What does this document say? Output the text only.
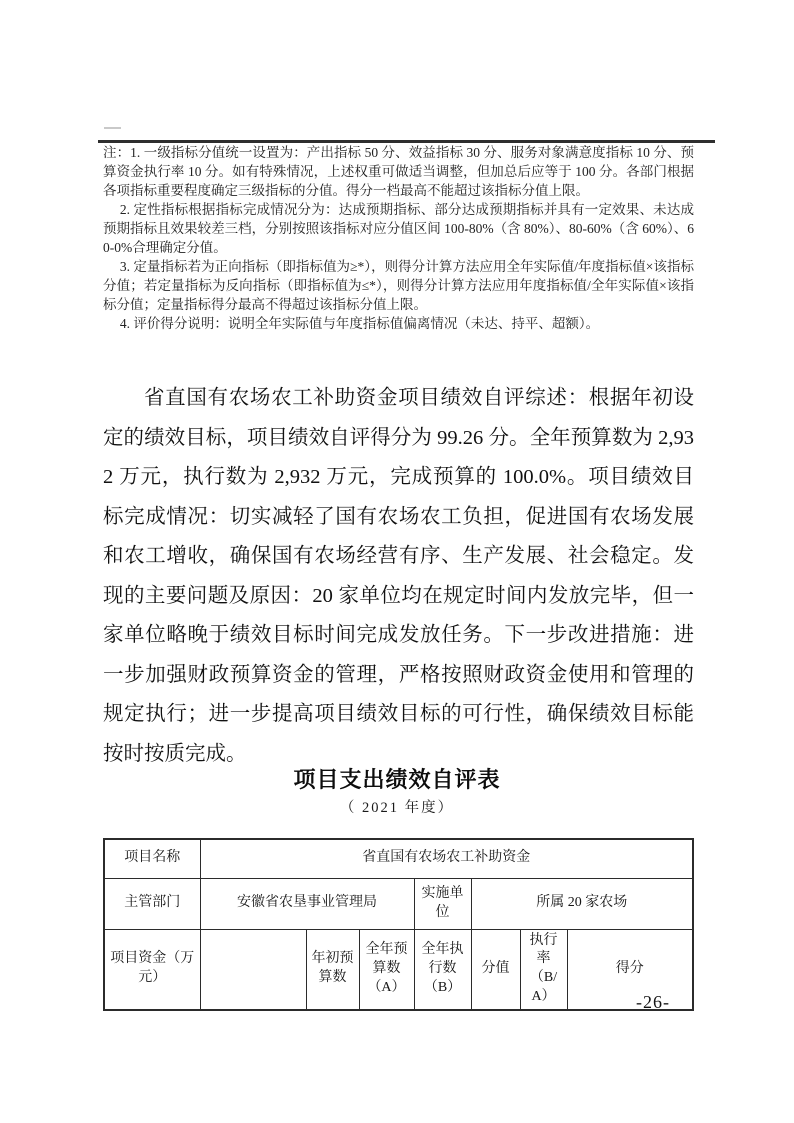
注：1. 一级指标分值统一设置为：产出指标 50 分、效益指标 30 分、服务对象满意度指标 10 分、预算资金执行率 10 分。如有特殊情况，上述权重可做适当调整，但加总后应等于 100 分。各部门根据各项指标重要程度确定三级指标的分值。得分一档最高不能超过该指标分值上限。

2. 定性指标根据指标完成情况分为：达成预期指标、部分达成预期指标并具有一定效果、未达成预期指标且效果较差三档，分别按照该指标对应分值区间 100-80%（含 80%）、80-60%（含 60%）、60-0%合理确定分值。

3. 定量指标若为正向指标（即指标值为≥*），则得分计算方法应用全年实际值/年度指标值×该指标分值；若定量指标为反向指标（即指标值为≤*），则得分计算方法应用年度指标值/全年实际值×该指标分值；定量指标得分最高不得超过该指标分值上限。

4. 评价得分说明：说明全年实际值与年度指标值偏离情况（未达、持平、超额）。

省直国有农场农工补助资金项目绩效自评综述：根据年初设定的绩效目标，项目绩效自评得分为 99.26 分。全年预算数为 2,932 万元，执行数为 2,932 万元，完成预算的 100.0%。项目绩效目标完成情况：切实减轻了国有农场农工负担，促进国有农场发展和农工增收，确保国有农场经营有序、生产发展、社会稳定。发现的主要问题及原因：20 家单位均在规定时间内发放完毕，但一家单位略晚于绩效目标时间完成发放任务。下一步改进措施：进一步加强财政预算资金的管理，严格按照财政资金使用和管理的规定执行；进一步提高项目绩效目标的可行性，确保绩效目标能按时按质完成。

项目支出绩效自评表
（ 2021 年度）
项目名称	省直国有农场农工补助资金						
主管部门	安徽省农垦事业管理局			实施单位	所属 20 家农场		
项目资金（万元）		年初预算数	全年预算数（A）	全年执行数（B）	分值	执行率（B/A）	得分
-26-
